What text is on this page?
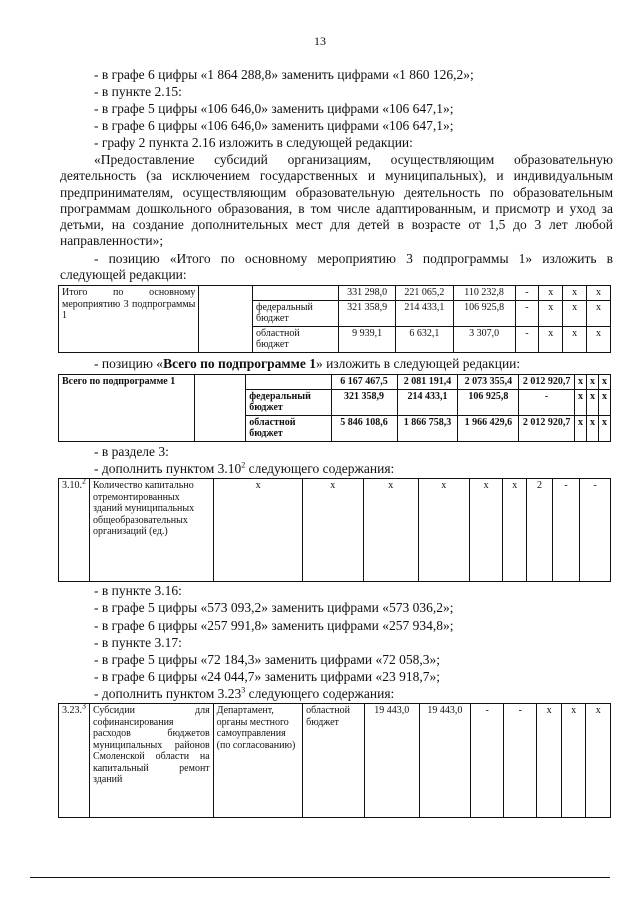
13
- в графе 6 цифры «1 864 288,8» заменить цифрами «1 860 126,2»;
- в пункте 2.15:
- в графе 5 цифры «106 646,0» заменить цифрами «106 647,1»;
- в графе 6 цифры «106 646,0» заменить цифрами «106 647,1»;
- графу 2 пункта 2.16 изложить в следующей редакции:
«Предоставление субсидий организациям, осуществляющим образовательную деятельность (за исключением государственных и муниципальных), и индивидуальным предпринимателям, осуществляющим образовательную деятельность по образовательным программам дошкольного образования, в том числе адаптированным, и присмотр и уход за детьми, на создание дополнительных мест для детей в возрасте от 1,5 до 3 лет любой направленности»;
- позицию «Итого по основному мероприятию 3 подпрограммы 1» изложить в следующей редакции:
Итого по основному мероприятию 3 подпрограммы 1			331 298,0	221 065,2	110 232,8	-	х	х	х
		федеральный бюджет	321 358,9	214 433,1	106 925,8	-	х	х	х
		областной бюджет	9 939,1	6 632,1	3 307,0	-	х	х	х
- позицию «Всего по подпрограмме 1» изложить в следующей редакции:
Всего по подпрограмме 1			6 167 467,5	2 081 191,4	2 073 355,4	2 012 920,7	х	х	х
		федеральный бюджет	321 358,9	214 433,1	106 925,8	-	х	х	х
		областной бюджет	5 846 108,6	1 866 758,3	1 966 429,6	2 012 920,7	х	х	х
- в разделе 3:
- дополнить пунктом 3.10$^2$ следующего содержания:
3.10.$^2$	Количество капитально отремонтированных зданий муниципальных общеобразовательных организаций (ед.)	х	х	х	х	х	х	2	-	-
- в пункте 3.16:
- в графе 5 цифры «573 093,2» заменить цифрами «573 036,2»;
- в графе 6 цифры «257 991,8» заменить цифрами «257 934,8»;
- в пункте 3.17:
- в графе 5 цифры «72 184,3» заменить цифрами «72 058,3»;
- в графе 6 цифры «24 044,7» заменить цифрами «23 918,7»;
- дополнить пунктом 3.23$^3$ следующего содержания:
3.23.$^3$	Субсидии для софинансирования расходов бюджетов муниципальных районов Смоленской области на капитальный ремонт зданий	Департамент, органы местного самоуправления (по согласованию)	областной бюджет	19 443,0	19 443,0	-	-	х	х	х
